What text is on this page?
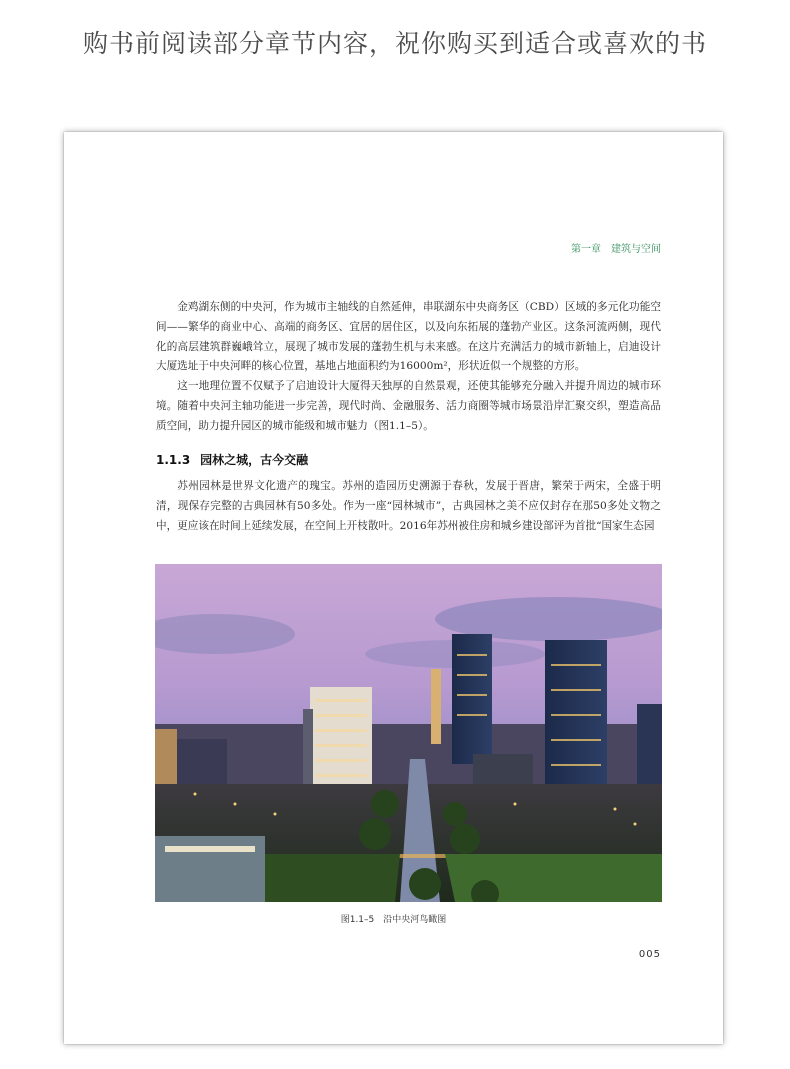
购书前阅读部分章节内容，祝你购买到适合或喜欢的书
第一章　建筑与空间

金鸡湖东侧的中央河，作为城市主轴线的自然延伸，串联湖东中央商务区（CBD）区域的多元化功能空间——繁华的商业中心、高端的商务区、宜居的居住区，以及向东拓展的蓬勃产业区。这条河流两侧，现代化的高层建筑群巍峨耸立，展现了城市发展的蓬勃生机与未来感。在这片充满活力的城市新轴上，启迪设计大厦选址于中央河畔的核心位置，基地占地面积约为16000m²，形状近似一个规整的方形。

这一地理位置不仅赋予了启迪设计大厦得天独厚的自然景观，还使其能够充分融入并提升周边的城市环境。随着中央河主轴功能进一步完善，现代时尚、金融服务、活力商圈等城市场景沿岸汇聚交织，塑造高品质空间，助力提升园区的城市能级和城市魅力（图1.1–5）。

1.1.3 园林之城，古今交融

苏州园林是世界文化遗产的瑰宝。苏州的造园历史溯源于春秋，发展于晋唐，繁荣于两宋，全盛于明清，现保存完整的古典园林有50多处。作为一座“园林城市”，古典园林之美不应仅封存在那50多处文物之中，更应该在时间上延续发展，在空间上开枝散叶。2016年苏州被住房和城乡建设部评为首批“国家生态园

图1.1–5　沿中央河鸟瞰图
005
